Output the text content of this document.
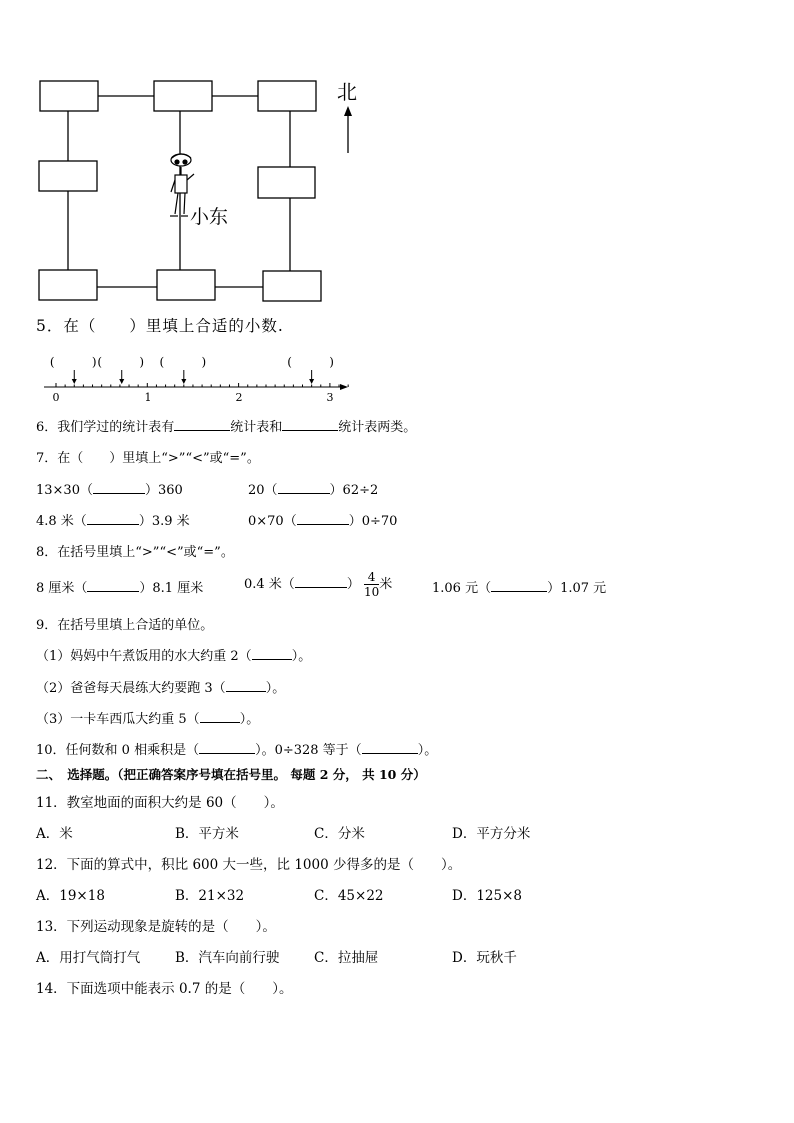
北
小东
5．在（　　）里填上合适的小数.
(	) (	) (	)	(	)
0	1	2	3
6．我们学过的统计表有	统计表和	统计表两类。
7．在（　　）里填上“>”“<”或“=”。
13×30（	）360	20（	）62÷2
4.8 米（	）3.9 米	0×70（	）0÷70
8．在括号里填上“>”“<”或“=”。
8 厘米（	）8.1 厘米	0.4 米（	） $\frac{4}{10}$ 米	1.06 元（	）1.07 元
9．在括号里填上合适的单位。
（1）妈妈中午煮饭用的水大约重 2（	）。
（2）爸爸每天晨练大约要跑 3（	）。
（3）一卡车西瓜大约重 5（	）。
10．任何数和 0 相乘积是（	）。0÷328 等于（	）。
二、　选择题。（把正确答案序号填在括号里。 每题 2 分， 共 10 分）
11．教室地面的面积大约是 60（　　）。
A．米	B．平方米	C．分米	D．平方分米
12．下面的算式中，积比 600 大一些，比 1000 少得多的是（　　）。
A．19×18	B．21×32	C．45×22	D．125×8
13．下列运动现象是旋转的是（　　）。
A．用打气筒打气	B．汽车向前行驶	C．拉抽屉	D．玩秋千
14．下面选项中能表示 0.7 的是（　　）。
